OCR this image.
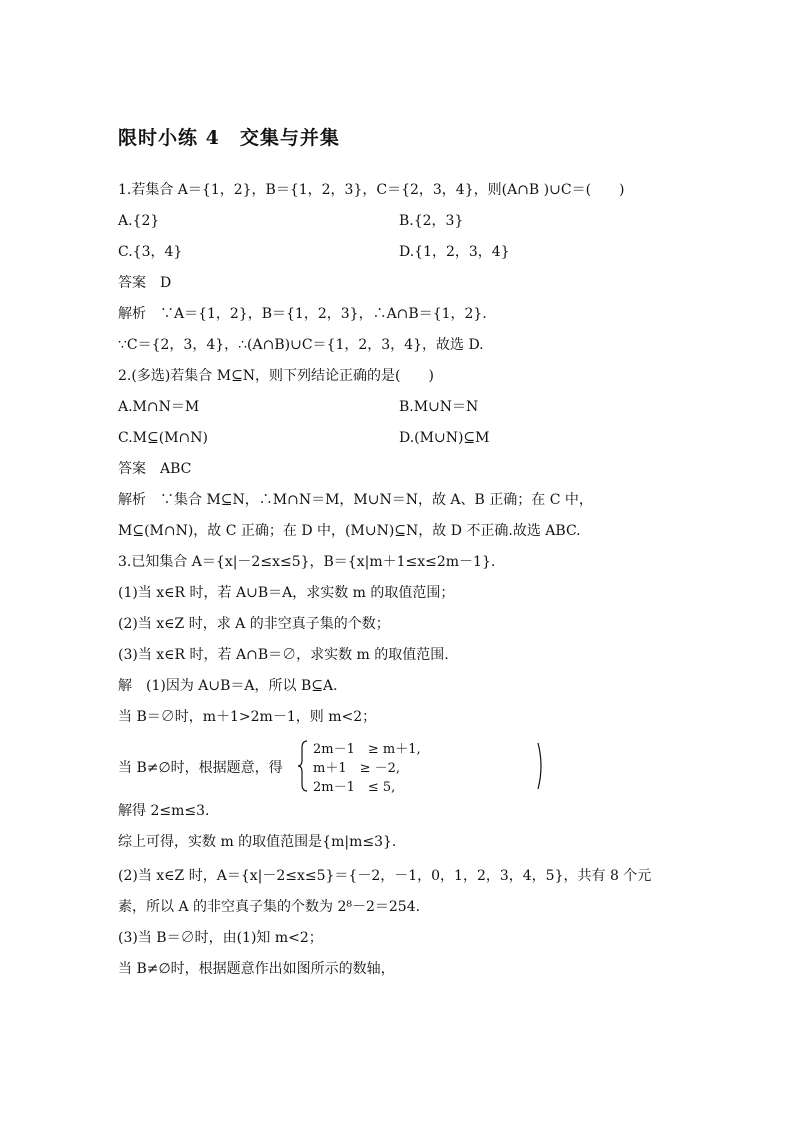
限时小练 4　交集与并集
1.若集合 A＝{1，2}，B＝{1，2，3}，C＝{2，3，4}，则(A∩B )∪C＝(　　)
A.{2}	B.{2，3}
C.{3，4}	D.{1，2，3，4}
答案　D
解析　∵A＝{1，2}，B＝{1，2，3}，∴A∩B＝{1，2}.
∵C＝{2，3，4}，∴(A∩B)∪C＝{1，2，3，4}，故选 D.
2.(多选)若集合 M⊆N，则下列结论正确的是(　　)
A.M∩N＝M	B.M∪N＝N
C.M⊆(M∩N)	D.(M∪N)⊆M
答案　ABC
解析　∵集合 M⊆N，∴M∩N＝M，M∪N＝N，故 A、B 正确；在 C 中，
M⊆(M∩N)，故 C 正确；在 D 中，(M∪N)⊆N，故 D 不正确.故选 ABC.
3.已知集合 A＝{x|－2≤x≤5}，B＝{x|m＋1≤x≤2m－1}.
(1)当 x∈R 时，若 A∪B＝A，求实数 m 的取值范围；
(2)当 x∈Z 时，求 A 的非空真子集的个数；
(3)当 x∈R 时，若 A∩B＝∅，求实数 m 的取值范围.
解　(1)因为 A∪B＝A，所以 B⊆A.
当 B＝∅时，m＋1>2m－1，则 m<2；
当 B≠∅时，根据题意，得
2m－1　≥ m＋1,
m＋1　≥ －2,
2m－1　≤ 5,
解得 2≤m≤3.
综上可得，实数 m 的取值范围是{m|m≤3}.
(2)当 x∈Z 时，A＝{x|－2≤x≤5}＝{－2，－1，0，1，2，3，4，5}，共有 8 个元
素，所以 A 的非空真子集的个数为 2⁸－2＝254.
(3)当 B＝∅时，由(1)知 m<2；
当 B≠∅时，根据题意作出如图所示的数轴，
